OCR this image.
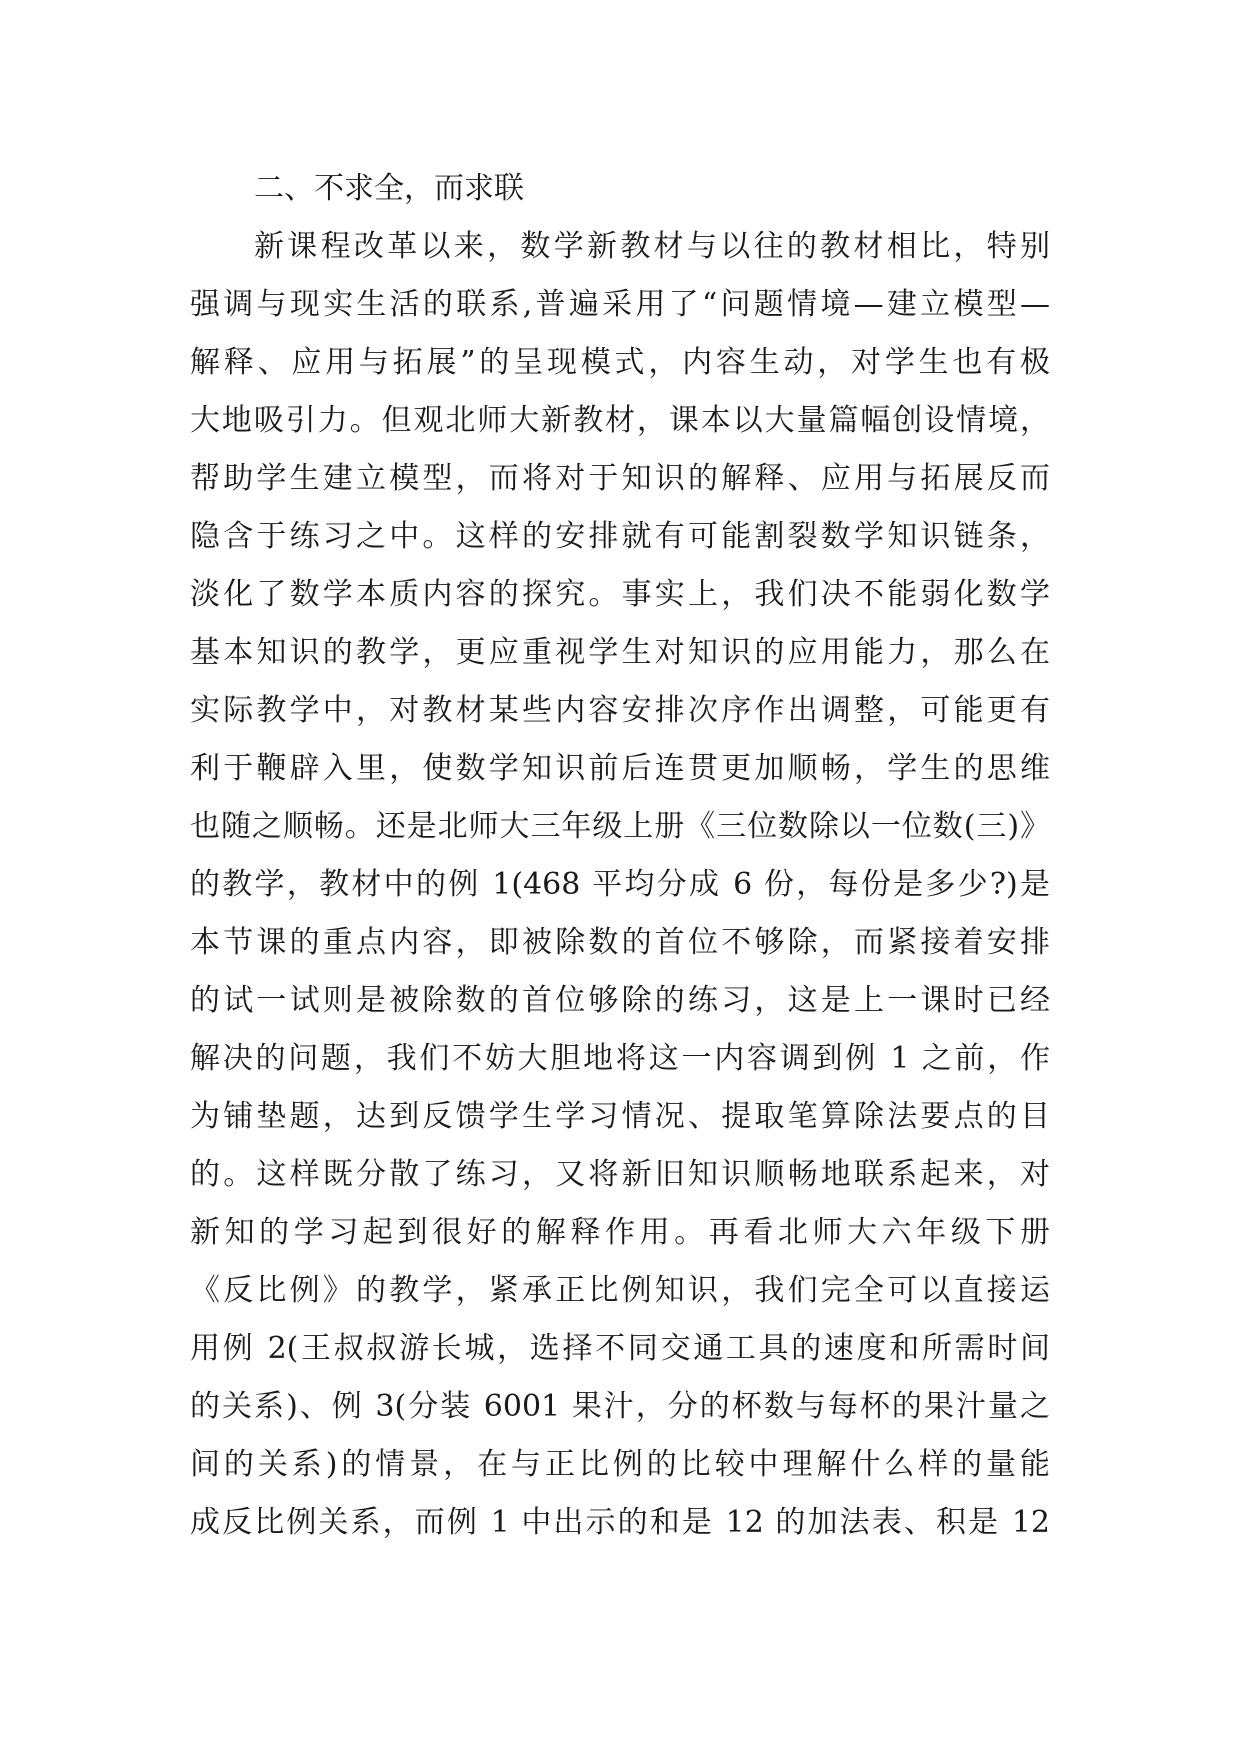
二、不求全，而求联
新课程改革以来，数学新教材与以往的教材相比，特别
强调与现实生活的联系,普遍采用了“问题情境—建立模型—
解释、应用与拓展”的呈现模式，内容生动，对学生也有极
大地吸引力。但观北师大新教材，课本以大量篇幅创设情境，
帮助学生建立模型，而将对于知识的解释、应用与拓展反而
隐含于练习之中。这样的安排就有可能割裂数学知识链条，
淡化了数学本质内容的探究。事实上，我们决不能弱化数学
基本知识的教学，更应重视学生对知识的应用能力，那么在
实际教学中，对教材某些内容安排次序作出调整，可能更有
利于鞭辟入里，使数学知识前后连贯更加顺畅，学生的思维
也随之顺畅。还是北师大三年级上册《三位数除以一位数(三)》
的教学，教材中的例 1(468 平均分成 6 份，每份是多少?)是
本节课的重点内容，即被除数的首位不够除，而紧接着安排
的试一试则是被除数的首位够除的练习，这是上一课时已经
解决的问题，我们不妨大胆地将这一内容调到例 1 之前，作
为铺垫题，达到反馈学生学习情况、提取笔算除法要点的目
的。这样既分散了练习，又将新旧知识顺畅地联系起来，对
新知的学习起到很好的解释作用。再看北师大六年级下册
《反比例》的教学，紧承正比例知识，我们完全可以直接运
用例 2(王叔叔游长城，选择不同交通工具的速度和所需时间
的关系)、例 3(分装 6001 果汁，分的杯数与每杯的果汁量之
间的关系)的情景，在与正比例的比较中理解什么样的量能
成反比例关系，而例 1 中出示的和是 12 的加法表、积是 12
